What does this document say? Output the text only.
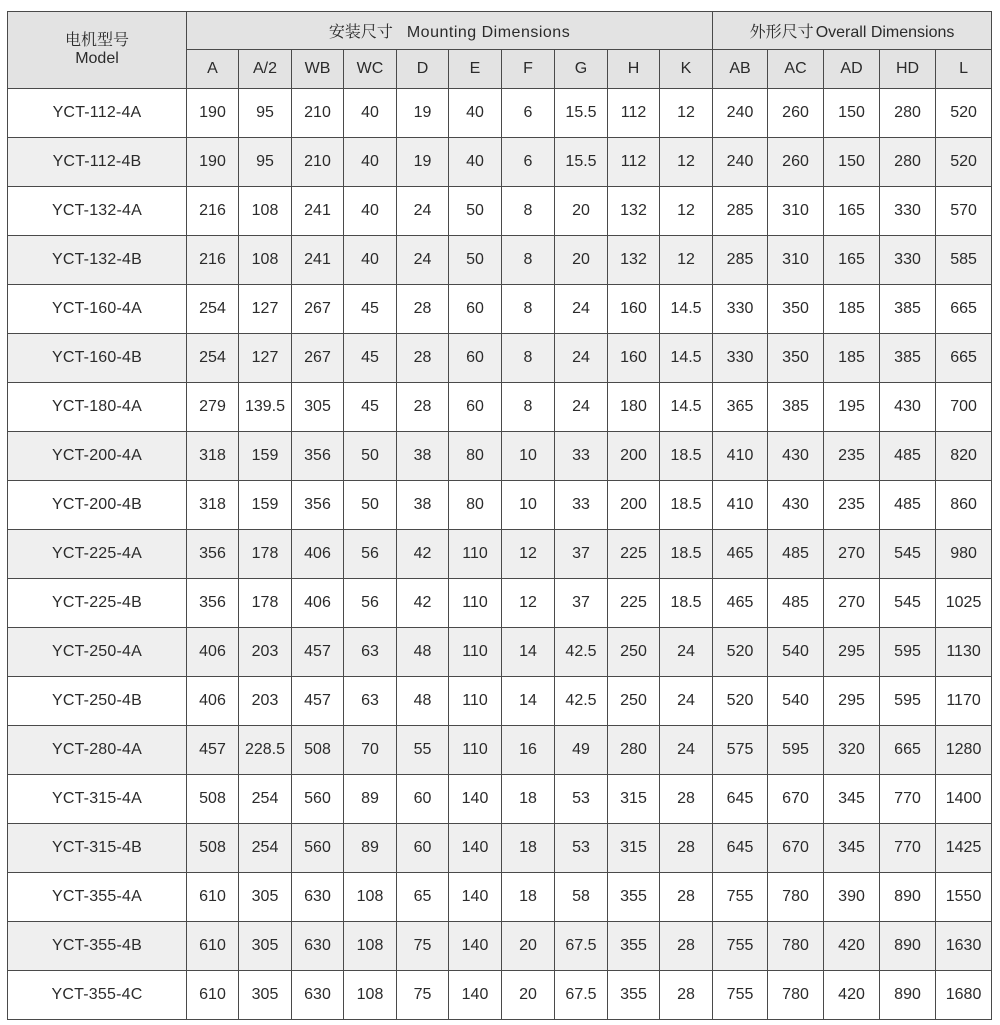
电机型号
Model	安装尺寸 Mounting Dimensions										外形尺寸 Overall Dimensions				
	A	A/2	WB	WC	D	E	F	G	H	K	AB	AC	AD	HD	L
YCT-112-4A	190	95	210	40	19	40	6	15.5	112	12	240	260	150	280	520
YCT-112-4B	190	95	210	40	19	40	6	15.5	112	12	240	260	150	280	520
YCT-132-4A	216	108	241	40	24	50	8	20	132	12	285	310	165	330	570
YCT-132-4B	216	108	241	40	24	50	8	20	132	12	285	310	165	330	585
YCT-160-4A	254	127	267	45	28	60	8	24	160	14.5	330	350	185	385	665
YCT-160-4B	254	127	267	45	28	60	8	24	160	14.5	330	350	185	385	665
YCT-180-4A	279	139.5	305	45	28	60	8	24	180	14.5	365	385	195	430	700
YCT-200-4A	318	159	356	50	38	80	10	33	200	18.5	410	430	235	485	820
YCT-200-4B	318	159	356	50	38	80	10	33	200	18.5	410	430	235	485	860
YCT-225-4A	356	178	406	56	42	110	12	37	225	18.5	465	485	270	545	980
YCT-225-4B	356	178	406	56	42	110	12	37	225	18.5	465	485	270	545	1025
YCT-250-4A	406	203	457	63	48	110	14	42.5	250	24	520	540	295	595	1130
YCT-250-4B	406	203	457	63	48	110	14	42.5	250	24	520	540	295	595	1170
YCT-280-4A	457	228.5	508	70	55	110	16	49	280	24	575	595	320	665	1280
YCT-315-4A	508	254	560	89	60	140	18	53	315	28	645	670	345	770	1400
YCT-315-4B	508	254	560	89	60	140	18	53	315	28	645	670	345	770	1425
YCT-355-4A	610	305	630	108	65	140	18	58	355	28	755	780	390	890	1550
YCT-355-4B	610	305	630	108	75	140	20	67.5	355	28	755	780	420	890	1630
YCT-355-4C	610	305	630	108	75	140	20	67.5	355	28	755	780	420	890	1680
